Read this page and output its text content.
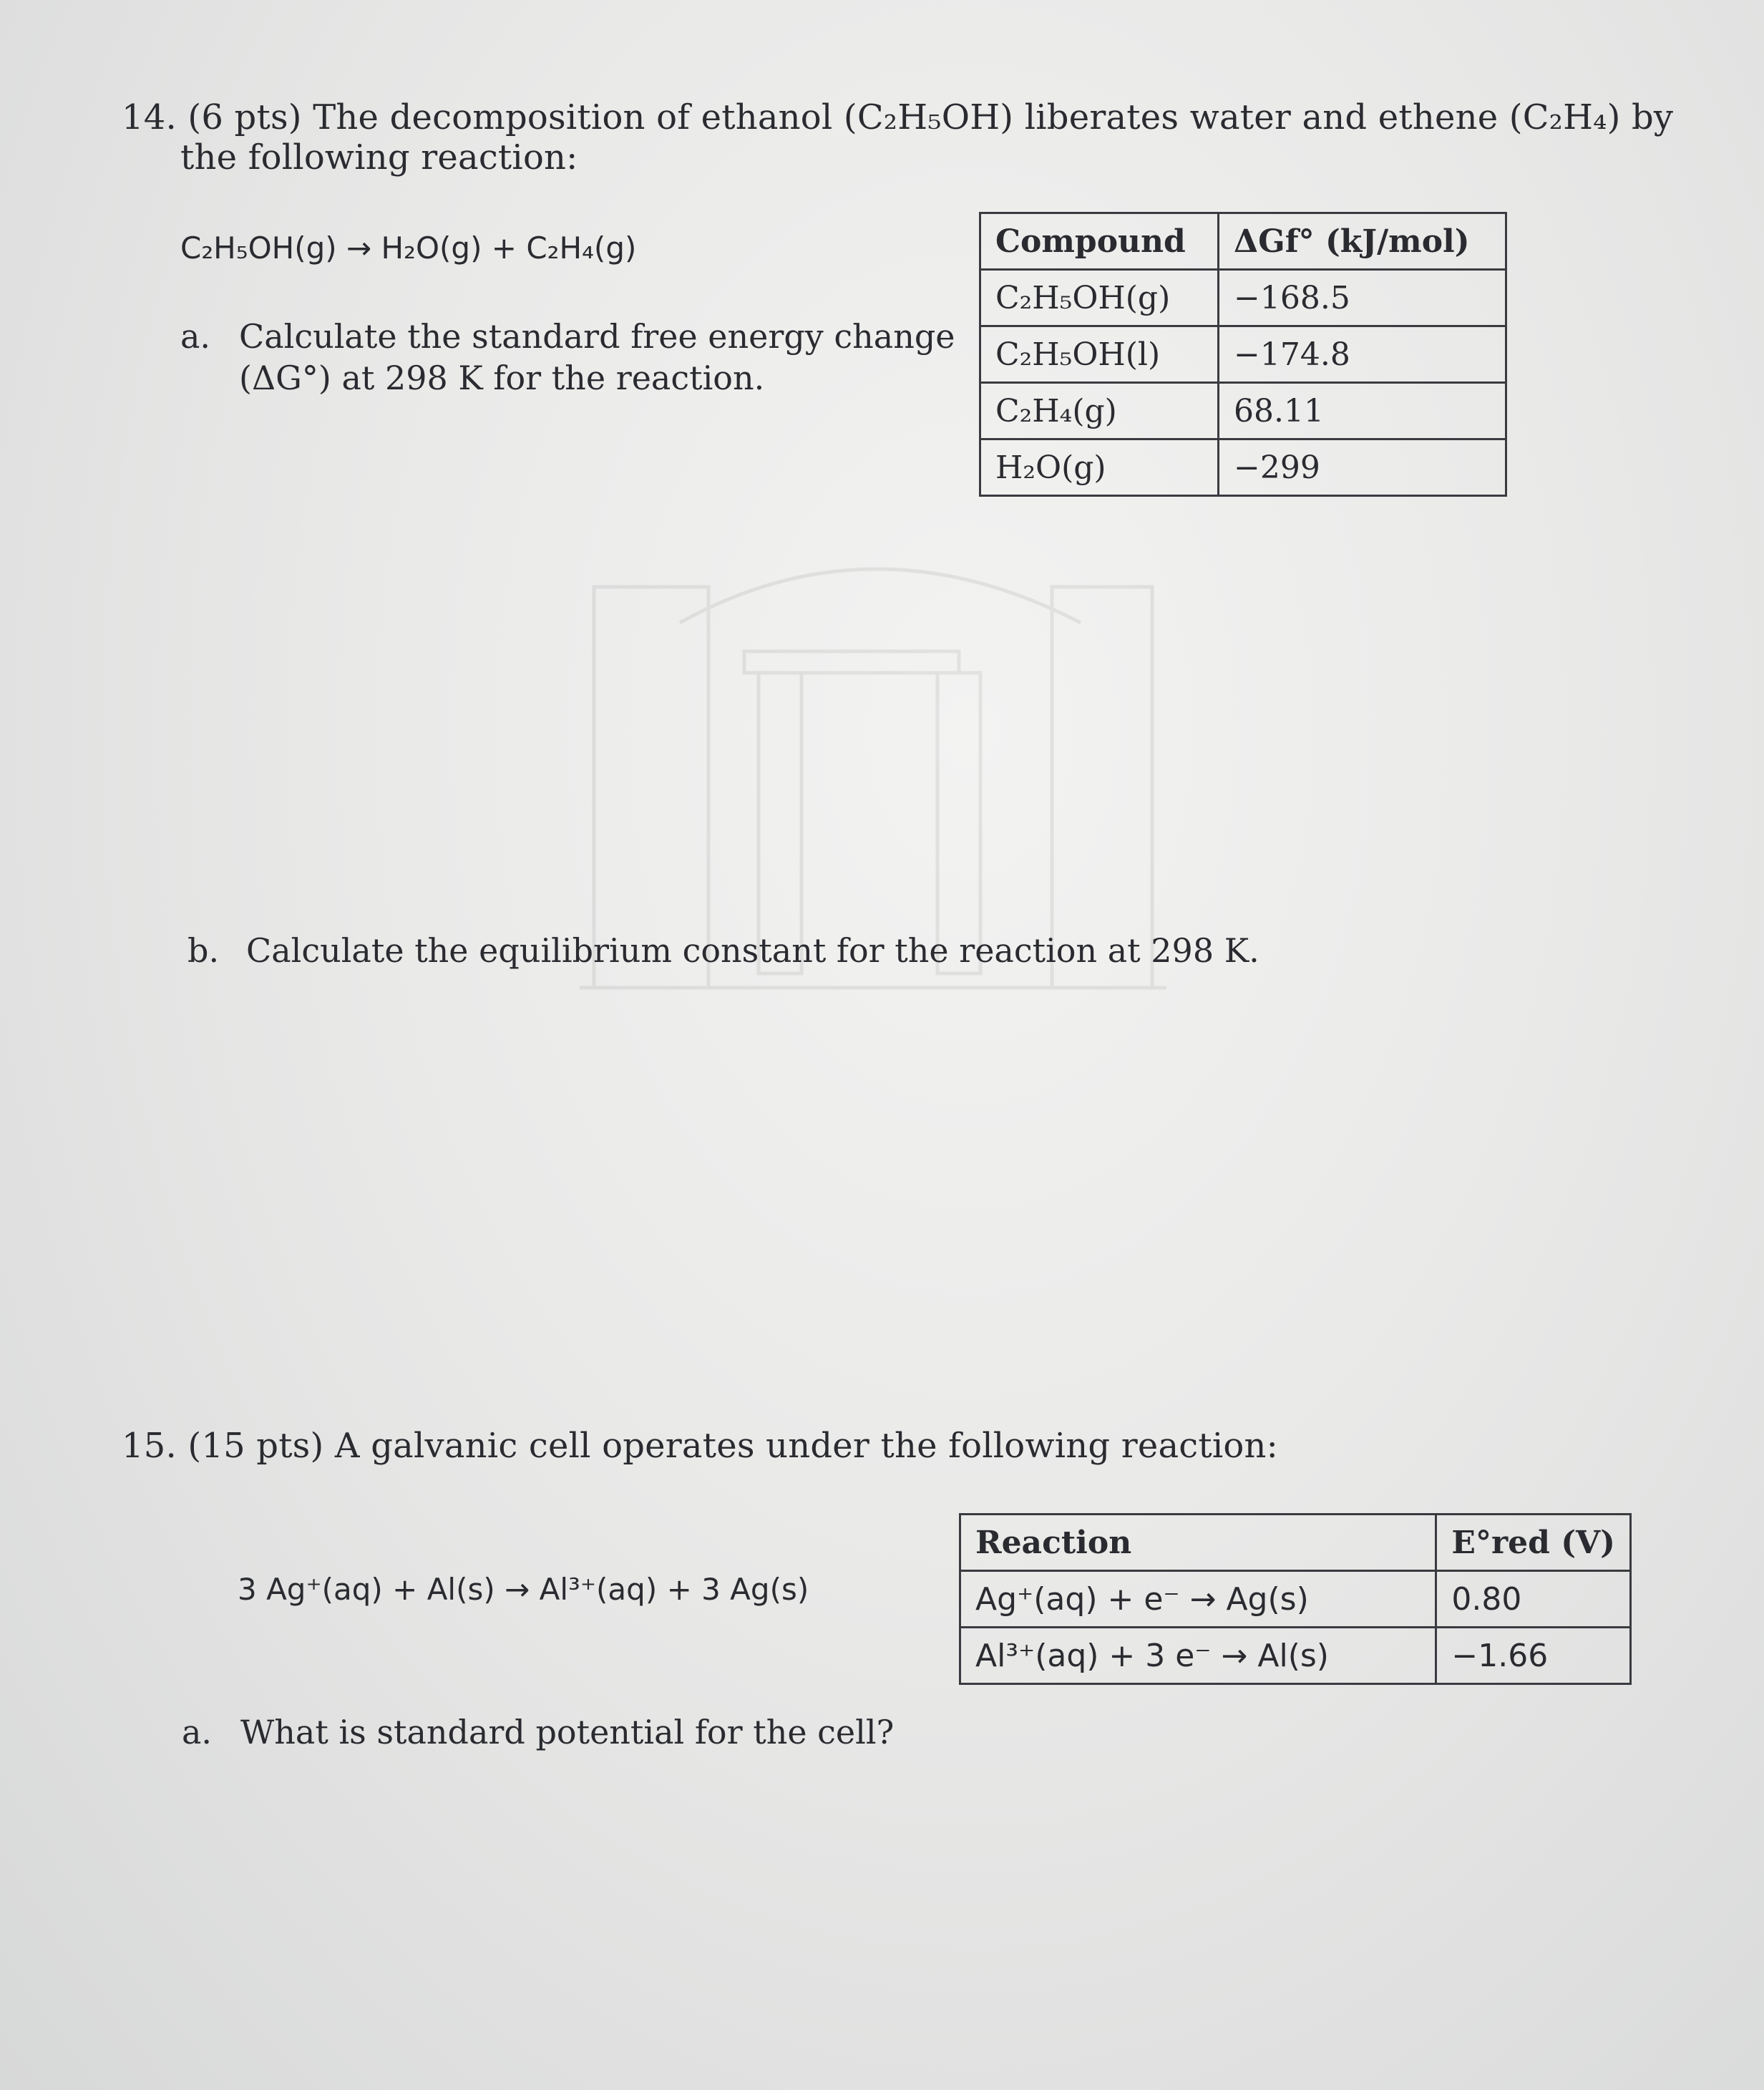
14. (6 pts) The decomposition of ethanol (C₂H₅OH) liberates water and ethene (C₂H₄) by
the following reaction:
C₂H₅OH(g) → H₂O(g) + C₂H₄(g)
a. Calculate the standard free energy change
(ΔG°) at 298 K for the reaction.
Compound	ΔGf° (kJ/mol)
C₂H₅OH(g)	−168.5
C₂H₅OH(l)	−174.8
C₂H₄(g)	68.11
H₂O(g)	−299
b. Calculate the equilibrium constant for the reaction at 298 K.
15. (15 pts) A galvanic cell operates under the following reaction:
3 Ag⁺(aq) + Al(s) → Al³⁺(aq) + 3 Ag(s)
Reaction	E°red (V)
Ag⁺(aq) + e⁻ → Ag(s)	0.80
Al³⁺(aq) + 3 e⁻ → Al(s)	−1.66
a. What is standard potential for the cell?
